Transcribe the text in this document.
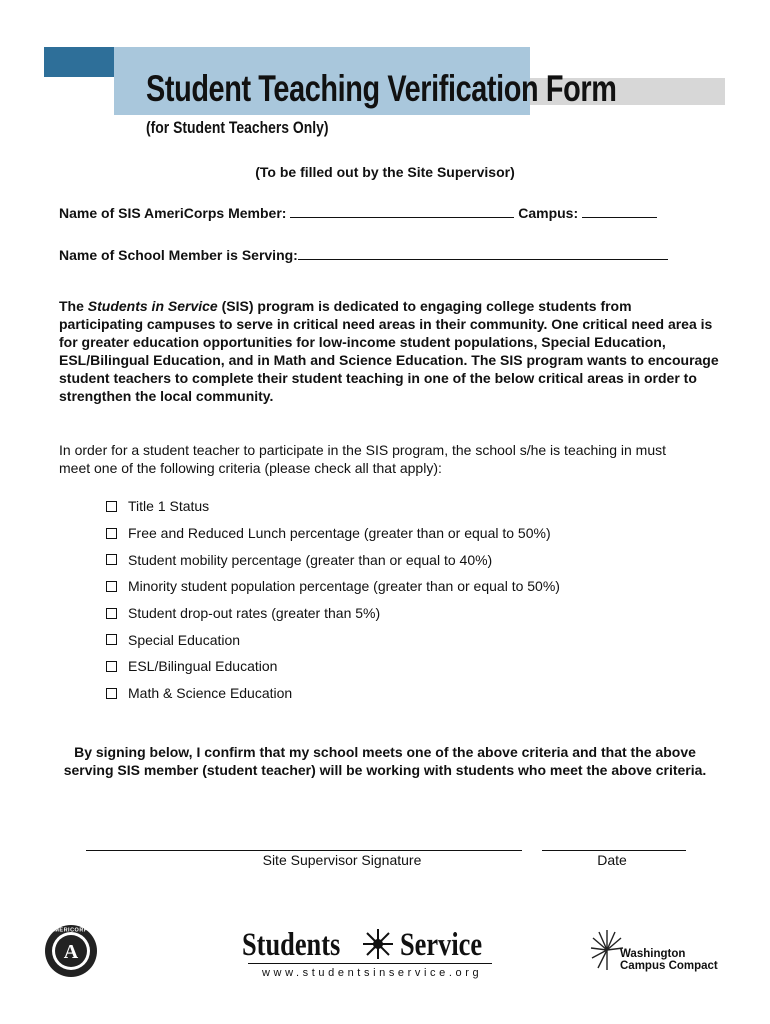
Student Teaching Verification Form
(for Student Teachers Only)
(To be filled out by the Site Supervisor)
Name of SIS AmeriCorps Member:	Campus:
Name of School Member is Serving:
The Students in Service (SIS) program is dedicated to engaging college students from participating campuses to serve in critical need areas in their community. One critical need area is for greater education opportunities for low-income student populations, Special Education, ESL/Bilingual Education, and in Math and Science Education. The SIS program wants to encourage student teachers to complete their student teaching in one of the below critical areas in order to strengthen the local community.
In order for a student teacher to participate in the SIS program, the school s/he is teaching in must meet one of the following criteria (please check all that apply):
Title 1 Status
Free and Reduced Lunch percentage (greater than or equal to 50%)
Student mobility percentage (greater than or equal to 40%)
Minority student population percentage (greater than or equal to 50%)
Student drop-out rates (greater than 5%)
Special Education
ESL/Bilingual Education
Math & Science Education
By signing below, I confirm that my school meets one of the above criteria and that the above serving SIS member (student teacher) will be working with students who meet the above criteria.
Site Supervisor Signature	Date
A
AMERICORPS	Students Service
www.studentsinservice.org
Washington
Campus Compact
